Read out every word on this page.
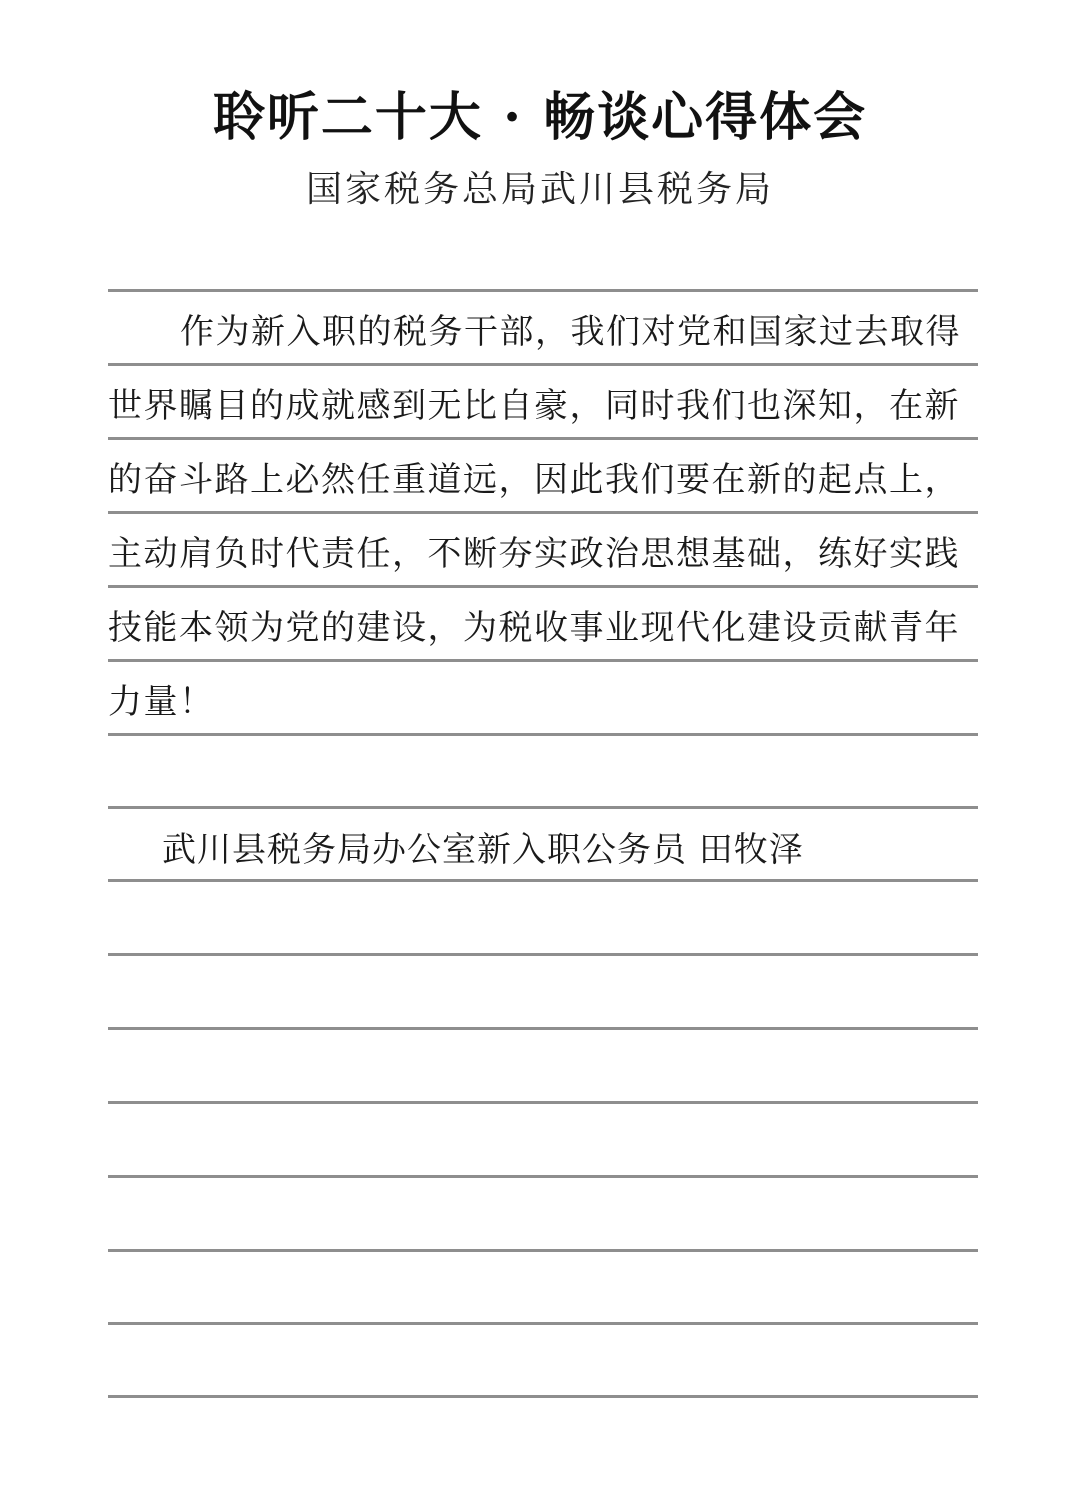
聆听二十大 · 畅谈心得体会
国家税务总局武川县税务局
作为新入职的税务干部，我们对党和国家过去取得
世界瞩目的成就感到无比自豪，同时我们也深知，在新
的奋斗路上必然任重道远，因此我们要在新的起点上，
主动肩负时代责任，不断夯实政治思想基础，练好实践
技能本领为党的建设，为税收事业现代化建设贡献青年
力量！
武川县税务局办公室新入职公务员 田牧泽
